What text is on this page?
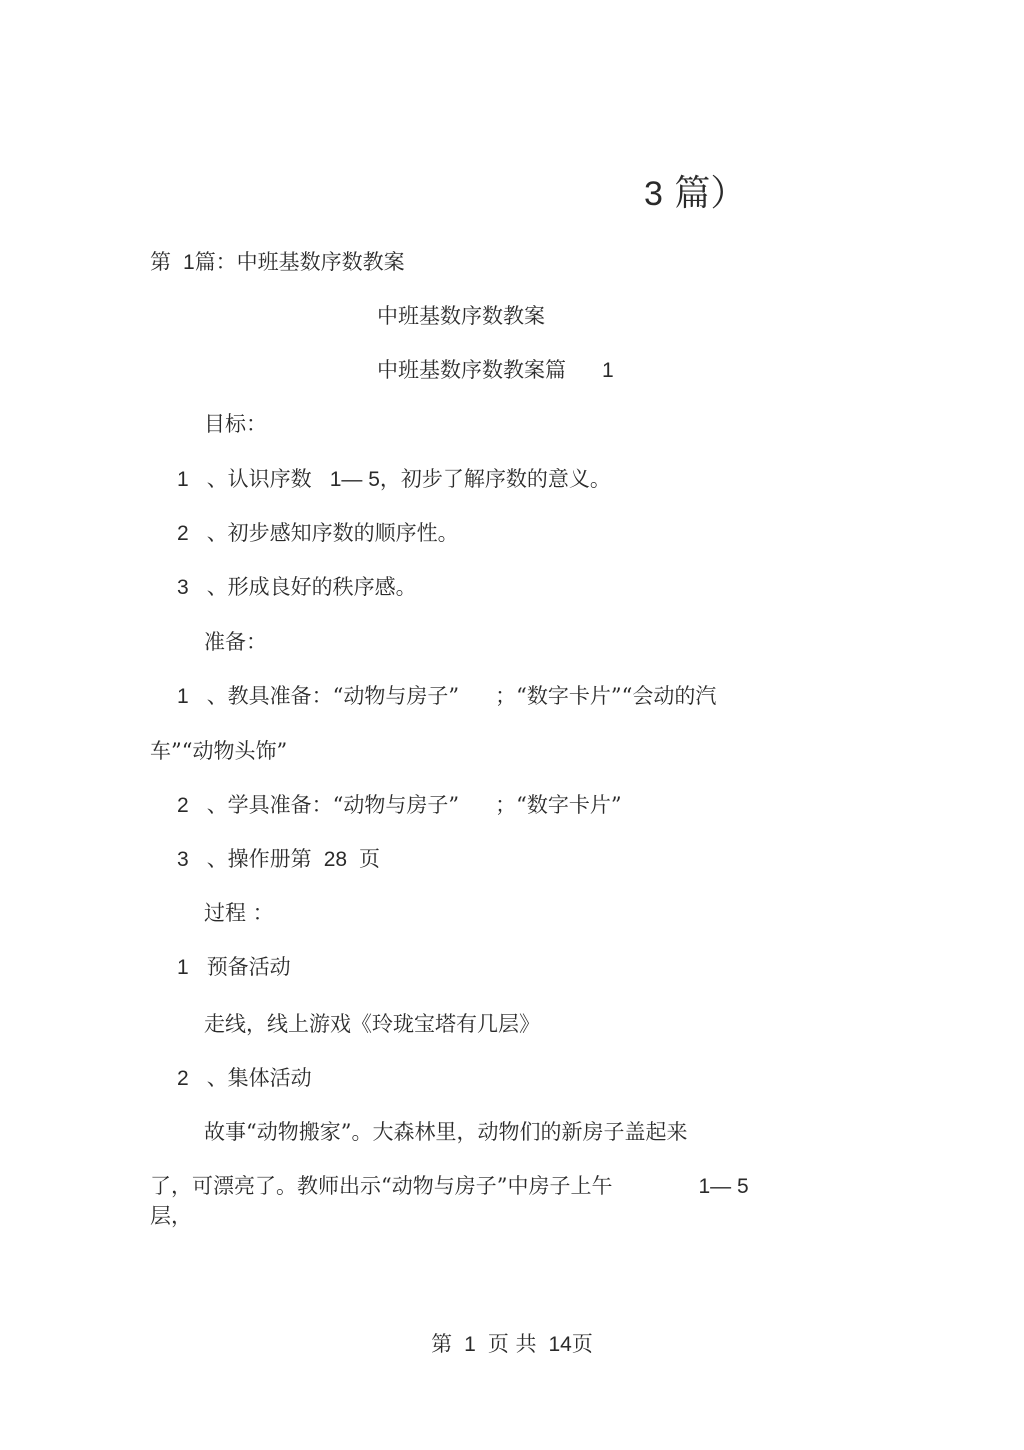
3 篇）

第 1篇：中班基数序数教案

中班基数序数教案

中班基数序数教案篇 1

目标：

1 、认识序数 1— 5，初步了解序数的意义。

2 、初步感知序数的顺序性。

3 、形成良好的秩序感。

准备：

1 、教具准备：“动物与房子” ；“数字卡片”“会动的汽

车”“动物头饰”

2 、学具准备：“动物与房子” ；“数字卡片”

3 、操作册第 28 页

过程 ：

1 预备活动

走线，线上游戏《玲珑宝塔有几层》

2 、集体活动

故事“动物搬家”。大森林里，动物们的新房子盖起来

了，可漂亮了。教师出示“动物与房子”中房子上午	1— 5

层，

第 1 页 共 14页
